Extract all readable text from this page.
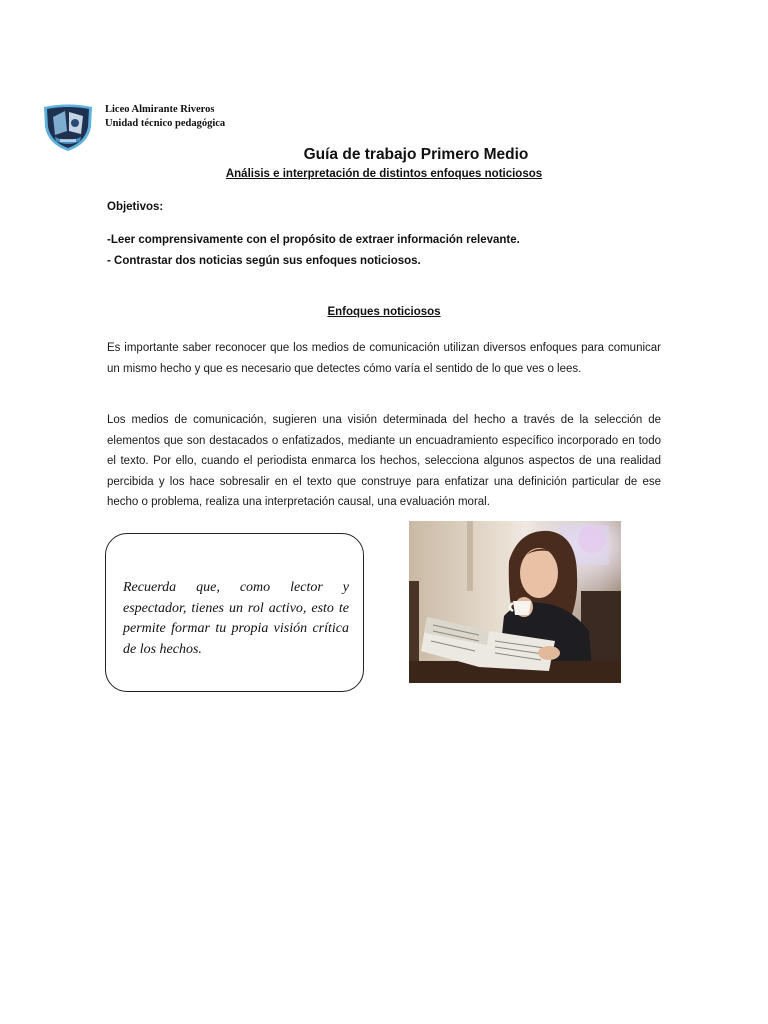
Liceo Almirante Riveros
Unidad técnico pedagógica
Guía de trabajo Primero Medio
Análisis e interpretación de distintos enfoques noticiosos
Objetivos:
-Leer comprensivamente con el propósito de extraer información relevante.
- Contrastar dos noticias según sus enfoques noticiosos.
Enfoques noticiosos
Es importante saber reconocer que los medios de comunicación utilizan diversos enfoques para comunicar un mismo hecho y que es necesario que detectes cómo varía el sentido de lo que ves o lees.
Los medios de comunicación, sugieren una visión determinada del hecho a través de la selección de elementos que son destacados o enfatizados, mediante un encuadramiento específico incorporado en todo el texto. Por ello, cuando el periodista enmarca los hechos, selecciona algunos aspectos de una realidad percibida y los hace sobresalir en el texto que construye para enfatizar una definición particular de ese hecho o problema, realiza una interpretación causal, una evaluación moral.
Recuerda que, como lector y espectador, tienes un rol activo, esto te permite formar tu propia visión crítica de los hechos.
